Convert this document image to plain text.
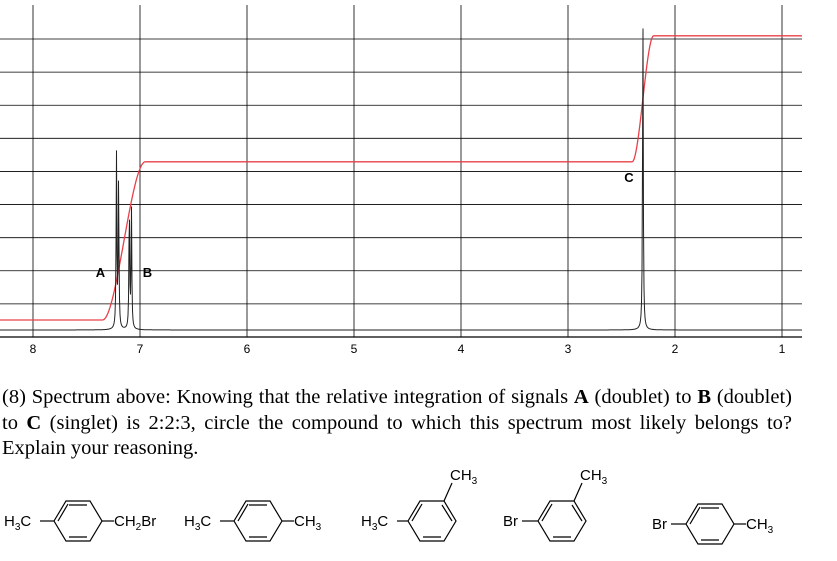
8	7	6	5	4	3	2	1
A	B
C

(8) Spectrum above: Knowing that the relative integration of signals A (doublet) to B (doublet) to C (singlet) is 2:2:3, circle the compound to which this spectrum most likely belongs to? Explain your reasoning.

$H_3C$	$CH_2Br$ $H_3C$	$CH_3$	$H_3C$
$CH_3$
Br
$CH_3$
Br	$CH_3$
